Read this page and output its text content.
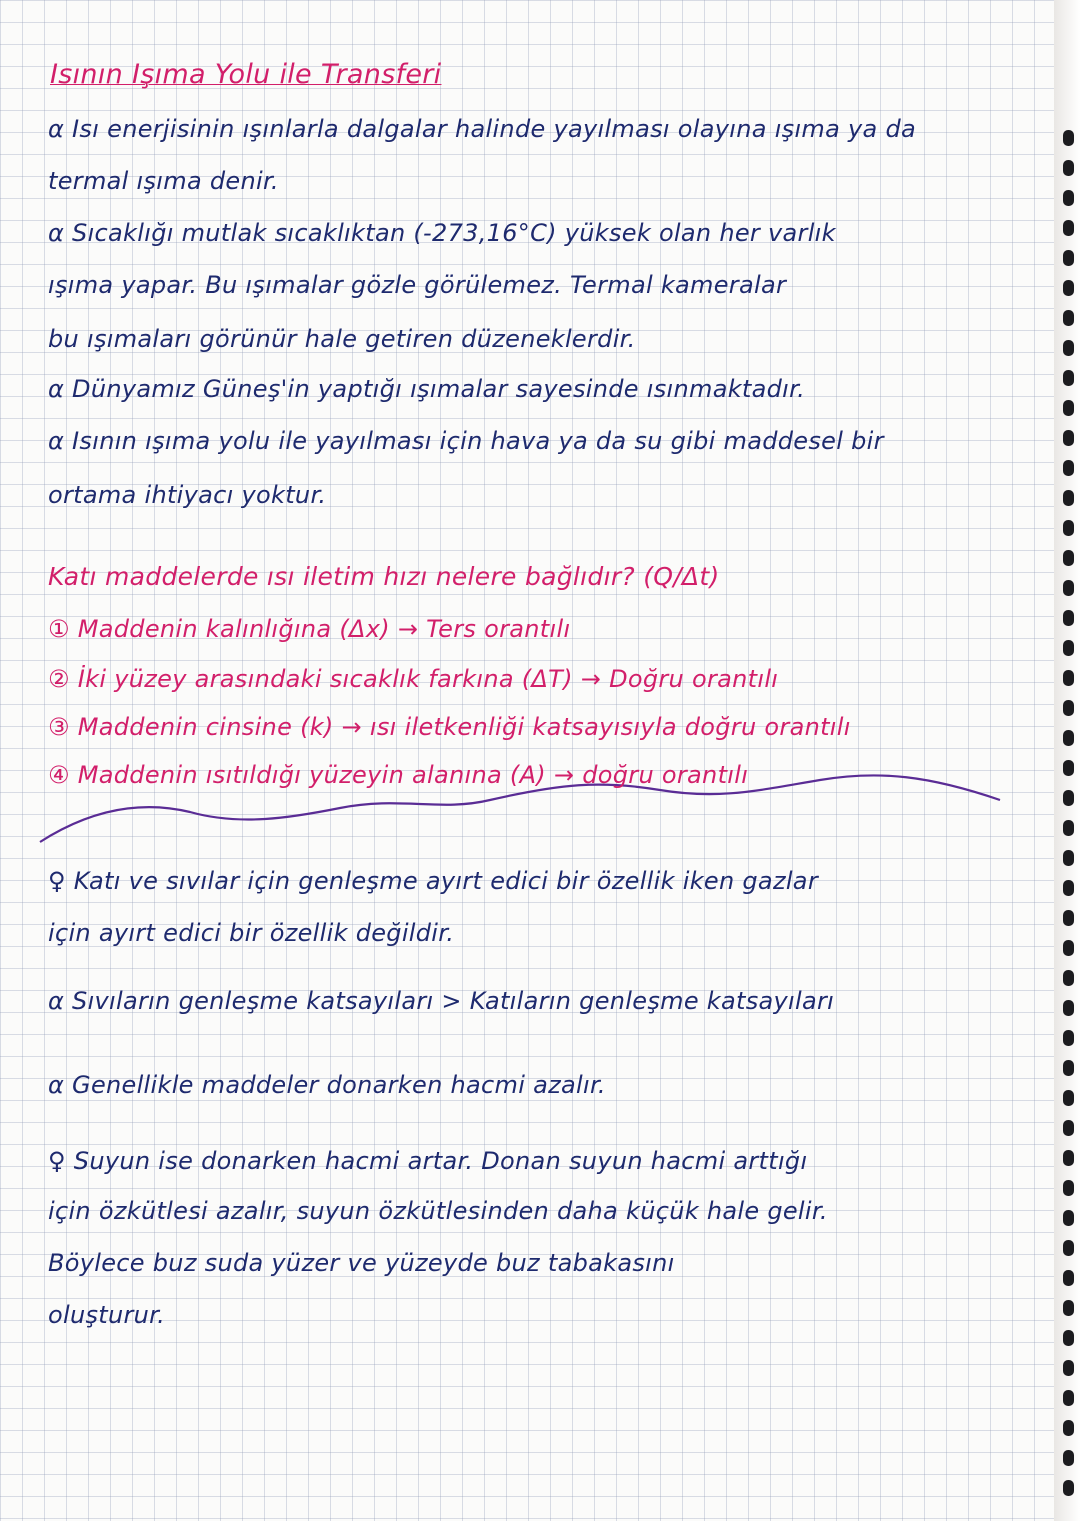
Isının Işıma Yolu ile Transferi
α Isı enerjisinin ışınlarla dalgalar halinde yayılması olayına ışıma ya da
termal ışıma denir.
α Sıcaklığı mutlak sıcaklıktan (-273,16°C) yüksek olan her varlık
ışıma yapar. Bu ışımalar gözle görülemez. Termal kameralar
bu ışımaları görünür hale getiren düzeneklerdir.
α Dünyamız Güneş'in yaptığı ışımalar sayesinde ısınmaktadır.
α Isının ışıma yolu ile yayılması için hava ya da su gibi maddesel bir
ortama ihtiyacı yoktur.
Katı maddelerde ısı iletim hızı nelere bağlıdır? (Q/Δt)
① Maddenin kalınlığına (Δx) → Ters orantılı
② İki yüzey arasındaki sıcaklık farkına (ΔT) → Doğru orantılı
③ Maddenin cinsine (k) → ısı iletkenliği katsayısıyla doğru orantılı
④ Maddenin ısıtıldığı yüzeyin alanına (A) → doğru orantılı
♀ Katı ve sıvılar için genleşme ayırt edici bir özellik iken gazlar
için ayırt edici bir özellik değildir.
α Sıvıların genleşme katsayıları > Katıların genleşme katsayıları
α Genellikle maddeler donarken hacmi azalır.
♀ Suyun ise donarken hacmi artar. Donan suyun hacmi arttığı
için özkütlesi azalır, suyun özkütlesinden daha küçük hale gelir.
Böylece buz suda yüzer ve yüzeyde buz tabakasını
oluşturur.
